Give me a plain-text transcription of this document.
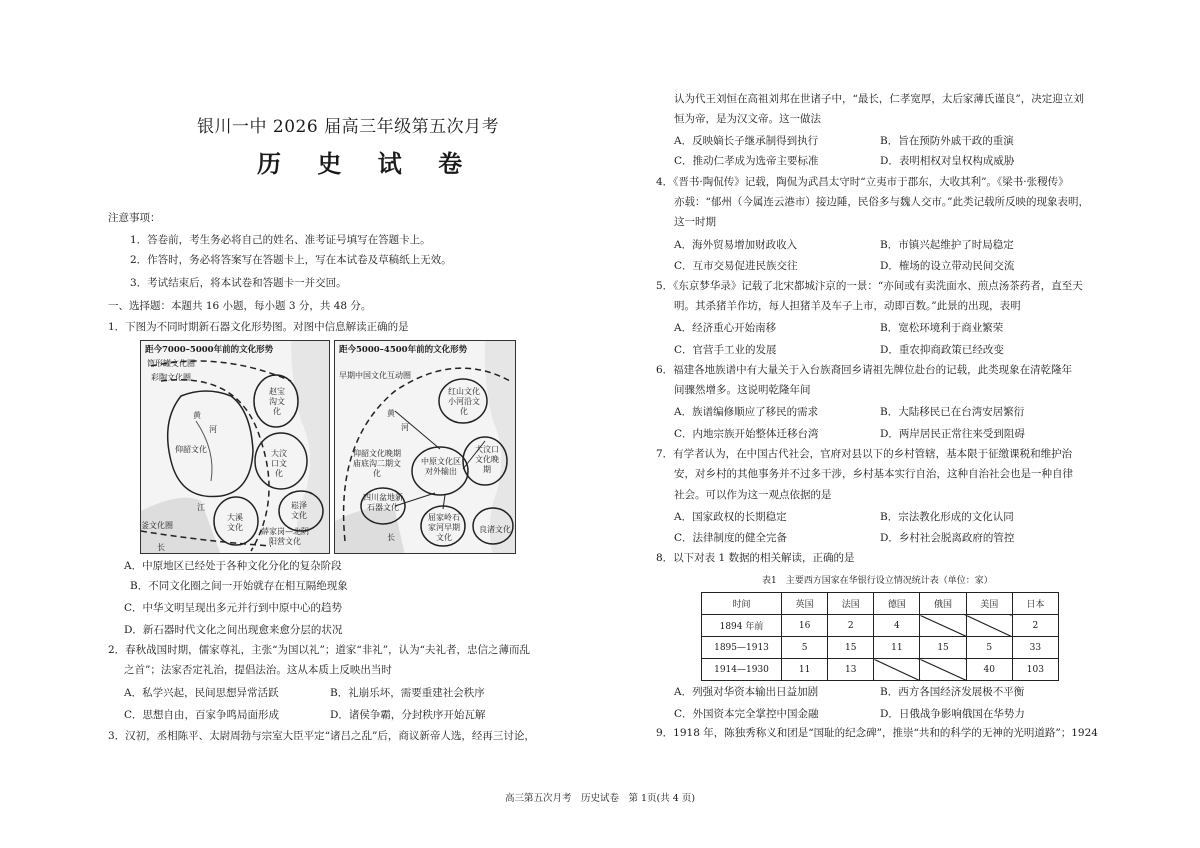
银川一中 2026 届高三年级第五次月考
历 史 试 卷
注意事项：
1．答卷前，考生务必将自己的姓名、准考证号填写在答题卡上。
2．作答时，务必将答案写在答题卡上，写在本试卷及草稿纸上无效。
3．考试结束后，将本试卷和答题卡一并交回。
一、选择题：本题共 16 小题，每小题 3 分，共 48 分。
1．下图为不同时期新石器文化形势图。对图中信息解读正确的是
距今7000–5000年前的文化形势
筒形罐文化圈
彩陶文化圈
赵宝沟文化
黄
河
仰韶文化	大汶口文化
江
大溪文化
崧泽文化
薛家岗—北阴阳营文化
釜文化圈
长
距今5000–4500年前的文化形势
早期中国文化互动圈
红山文化小河沿文化
黄
河
仰韶文化晚期庙底沟二期文化
中原文化区对外输出
大汶口文化晚期
四川盆地新石器文化
屈家岭石家河早期文化
良渚文化
长
A．中原地区已经处于各种文化分化的复杂阶段
B．不同文化圈之间一开始就存在相互隔绝现象
C．中华文明呈现出多元并行到中原中心的趋势
D．新石器时代文化之间出现愈来愈分层的状况
2．春秋战国时期，儒家尊礼，主张“为国以礼”；道家“非礼”，认为“夫礼者，忠信之薄而乱
之首”；法家否定礼治，提倡法治。这从本质上反映出当时
A．私学兴起，民间思想异常活跃	B．礼崩乐坏，需要重建社会秩序
C．思想自由，百家争鸣局面形成	D．诸侯争霸，分封秩序开始瓦解
3．汉初，丞相陈平、太尉周勃与宗室大臣平定“诸吕之乱”后，商议新帝人选，经再三讨论，
认为代王刘恒在高祖刘邦在世诸子中，“最长，仁孝宽厚，太后家薄氏谨良”，决定迎立刘
恒为帝，是为汉文帝。这一做法
A．反映嫡长子继承制得到执行	B．旨在预防外戚干政的重演
C．推动仁孝成为选帝主要标准	D．表明相权对皇权构成威胁
4．《晋书·陶侃传》记载，陶侃为武昌太守时“立夷市于郡东，大收其利”。《梁书·张稷传》
亦载：“郁州（今属连云港市）接边陲，民俗多与魏人交市。”此类记载所反映的现象表明，
这一时期
A．海外贸易增加财政收入	B．市镇兴起维护了时局稳定
C．互市交易促进民族交往	D．榷场的设立带动民间交流
5．《东京梦华录》记载了北宋都城汴京的一景：“亦间或有卖洗面水、煎点汤茶药者，直至天
明。其杀猪羊作坊，每人担猪羊及车子上市，动即百数。”此景的出现，表明
A．经济重心开始南移	B．宽松环境利于商业繁荣
C．官营手工业的发展	D．重农抑商政策已经改变
6．福建各地族谱中有大量关于入台族裔回乡请祖先牌位赴台的记载，此类现象在清乾隆年
间骤然增多。这说明乾隆年间
A．族谱编修顺应了移民的需求	B．大陆移民已在台湾安居繁衍
C．内地宗族开始整体迁移台湾	D．两岸居民正常往来受到阻碍
7．有学者认为，在中国古代社会，官府对县以下的乡村管辖，基本限于征缴课税和维护治
安，对乡村的其他事务并不过多干涉，乡村基本实行自治，这种自治社会也是一种自律
社会。可以作为这一观点依据的是
A．国家政权的长期稳定	B．宗法教化形成的文化认同
C．法律制度的健全完备	D．乡村社会脱离政府的管控
8．以下对表 1 数据的相关解读，正确的是
表1　主要西方国家在华银行设立情况统计表（单位：家）
时间	英国	法国	德国	俄国	美国	日本
1894 年前	16	2	4			2
1895—1913	5	15	11	15	5	33
1914—1930	11	13			40	103
A．列强对华资本输出日益加剧	B．西方各国经济发展极不平衡
C．外国资本完全掌控中国金融	D．日俄战争影响俄国在华势力
9．1918 年，陈独秀称义和团是“国耻的纪念碑”，推崇“共和的科学的无神的光明道路”；1924
高三第五次月考　历史试卷　第 1页(共 4 页)
